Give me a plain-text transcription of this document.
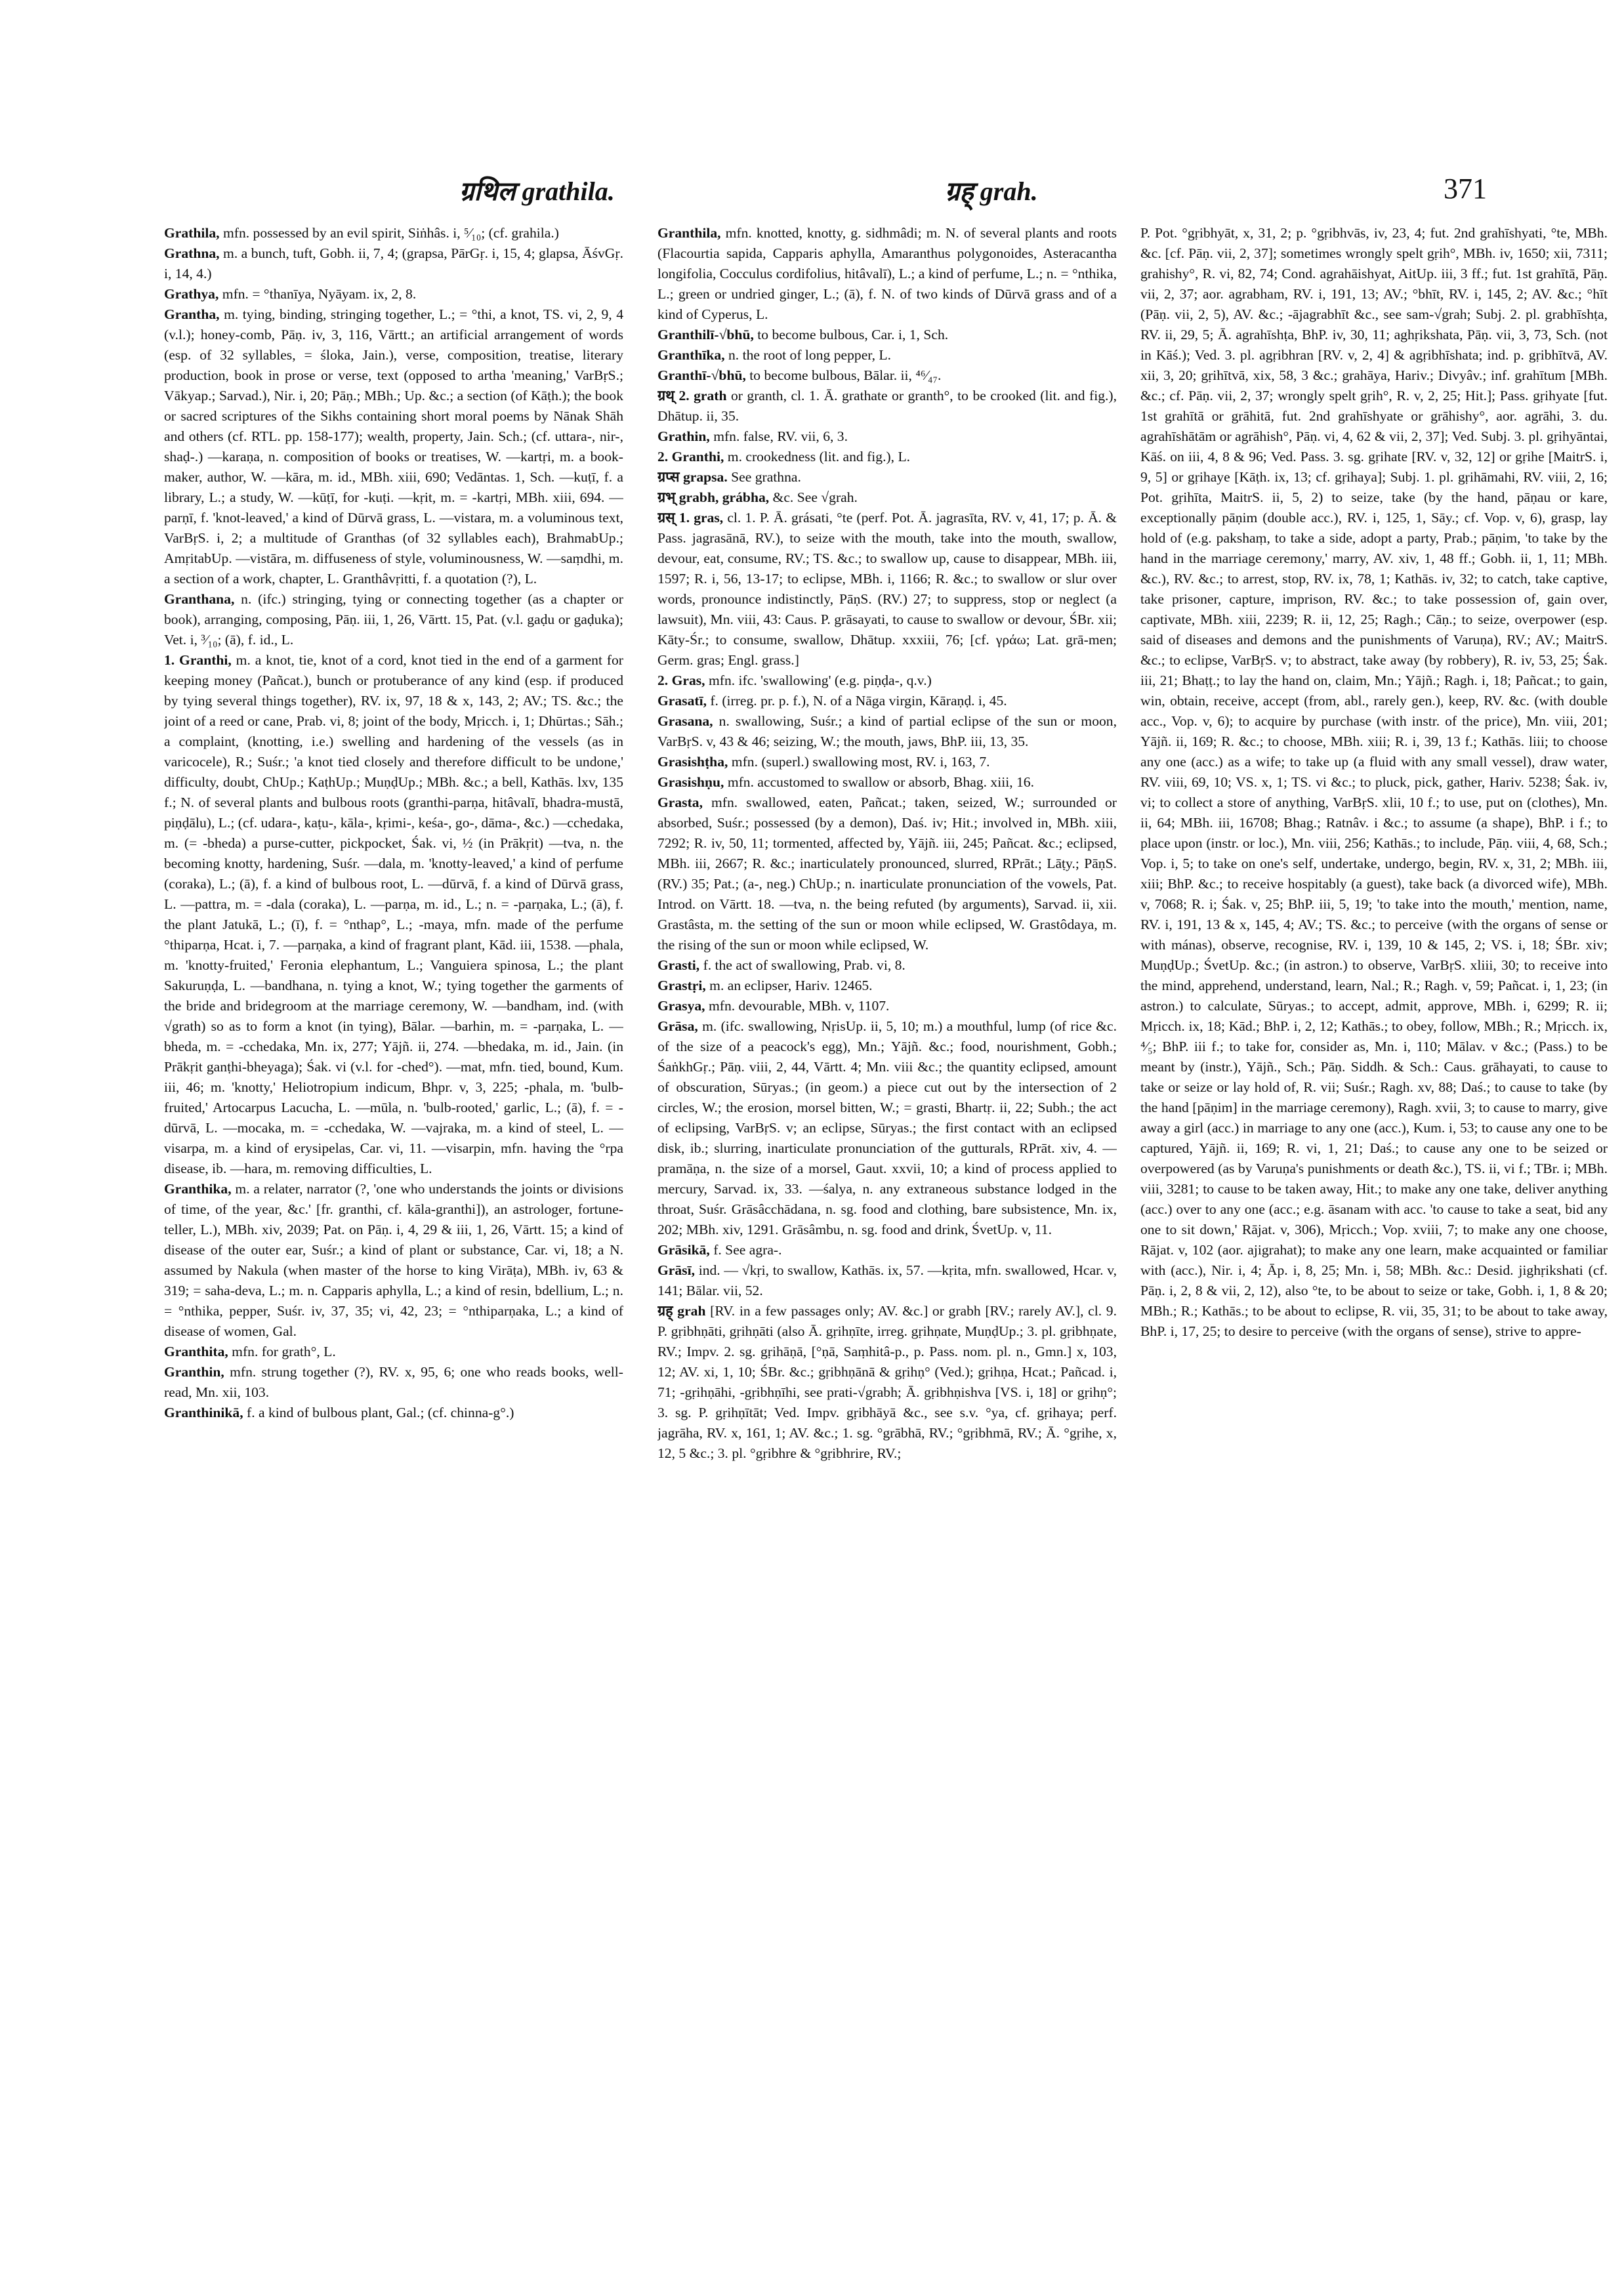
ग्रथिल grathila.	ग्रह् grah.	371

Grathila, mfn. possessed by an evil spirit, Siṅhâs. i, ⁵⁄₁₀; (cf. grahila.)

Grathna, m. a bunch, tuft, Gobh. ii, 7, 4; (grapsa, PārGṛ. i, 15, 4; glapsa, ĀśvGṛ. i, 14, 4.)

Grathya, mfn. = °thanīya, Nyāyam. ix, 2, 8.

Grantha, m. tying, binding, stringing together, L.; = °thi, a knot, TS. vi, 2, 9, 4 (v.l.); honey-comb, Pāṇ. iv, 3, 116, Vārtt.; an artificial arrangement of words (esp. of 32 syllables, = śloka, Jain.), verse, composition, treatise, literary production, book in prose or verse, text (opposed to artha 'meaning,' VarBṛS.; Vākyap.; Sarvad.), Nir. i, 20; Pāṇ.; MBh.; Up. &c.; a section (of Kāṭh.); the book or sacred scriptures of the Sikhs containing short moral poems by Nānak Shāh and others (cf. RTL. pp. 158-177); wealth, property, Jain. Sch.; (cf. uttara-, nir-, shaḍ-.) —karaṇa, n. composition of books or treatises, W. —kartṛi, m. a book-maker, author, W. —kāra, m. id., MBh. xiii, 690; Vedāntas. 1, Sch. —kuṭī, f. a library, L.; a study, W. —kūṭī, for -kuṭi. —kṛit, m. = -kartṛi, MBh. xiii, 694. —parṇī, f. 'knot-leaved,' a kind of Dūrvā grass, L. —vistara, m. a voluminous text, VarBṛS. i, 2; a multitude of Granthas (of 32 syllables each), BrahmabUp.; AmṛitabUp. —vistāra, m. diffuseness of style, voluminousness, W. —saṃdhi, m. a section of a work, chapter, L. Granthâvṛitti, f. a quotation (?), L.

Granthana, n. (ifc.) stringing, tying or connecting together (as a chapter or book), arranging, composing, Pāṇ. iii, 1, 26, Vārtt. 15, Pat. (v.l. gaḍu or gaḍuka); Vet. i, ³⁄₁₀; (ā), f. id., L.

1. Granthi, m. a knot, tie, knot of a cord, knot tied in the end of a garment for keeping money (Pañcat.), bunch or protuberance of any kind (esp. if produced by tying several things together), RV. ix, 97, 18 & x, 143, 2; AV.; TS. &c.; the joint of a reed or cane, Prab. vi, 8; joint of the body, Mṛicch. i, 1; Dhūrtas.; Sāh.; a complaint, (knotting, i.e.) swelling and hardening of the vessels (as in varicocele), R.; Suśr.; 'a knot tied closely and therefore difficult to be undone,' difficulty, doubt, ChUp.; KaṭhUp.; MuṇḍUp.; MBh. &c.; a bell, Kathās. lxv, 135 f.; N. of several plants and bulbous roots (granthi-parṇa, hitâvalī, bhadra-mustā, piṇḍālu), L.; (cf. udara-, kaṭu-, kāla-, kṛimi-, keśa-, go-, dāma-, &c.) —cchedaka, m. (= -bheda) a purse-cutter, pickpocket, Śak. vi, ½ (in Prākṛit) —tva, n. the becoming knotty, hardening, Suśr. —dala, m. 'knotty-leaved,' a kind of perfume (coraka), L.; (ā), f. a kind of bulbous root, L. —dūrvā, f. a kind of Dūrvā grass, L. —pattra, m. = -dala (coraka), L. —parṇa, m. id., L.; n. = -parṇaka, L.; (ā), f. the plant Jatukā, L.; (ī), f. = °nthap°, L.; -maya, mfn. made of the perfume °thiparṇa, Hcat. i, 7. —parṇaka, a kind of fragrant plant, Kād. iii, 1538. —phala, m. 'knotty-fruited,' Feronia elephantum, L.; Vanguiera spinosa, L.; the plant Sakuruṇḍa, L. —bandhana, n. tying a knot, W.; tying together the garments of the bride and bridegroom at the marriage ceremony, W. —bandham, ind. (with √grath) so as to form a knot (in tying), Bālar. —barhin, m. = -parṇaka, L. —bheda, m. = -cchedaka, Mn. ix, 277; Yājñ. ii, 274. —bhedaka, m. id., Jain. (in Prākṛit ganṭhi-bheyaga); Śak. vi (v.l. for -ched°). —mat, mfn. tied, bound, Kum. iii, 46; m. 'knotty,' Heliotropium indicum, Bhpr. v, 3, 225; -phala, m. 'bulb-fruited,' Artocarpus Lacucha, L. —mūla, n. 'bulb-rooted,' garlic, L.; (ā), f. = -dūrvā, L. —mocaka, m. = -cchedaka, W. —vajraka, m. a kind of steel, L. —visarpa, m. a kind of erysipelas, Car. vi, 11. —visarpin, mfn. having the °rpa disease, ib. —hara, m. removing difficulties, L.

Granthika, m. a relater, narrator (?, 'one who understands the joints or divisions of time, of the year, &c.' [fr. granthi, cf. kāla-granthi]), an astrologer, fortune-teller, L.), MBh. xiv, 2039; Pat. on Pāṇ. i, 4, 29 & iii, 1, 26, Vārtt. 15; a kind of disease of the outer ear, Suśr.; a kind of plant or substance, Car. vi, 18; a N. assumed by Nakula (when master of the horse to king Virāṭa), MBh. iv, 63 & 319; = saha-deva, L.; m. n. Capparis aphylla, L.; a kind of resin, bdellium, L.; n. = °nthika, pepper, Suśr. iv, 37, 35; vi, 42, 23; = °nthiparṇaka, L.; a kind of disease of women, Gal.

Granthita, mfn. for grath°, L.

Granthin, mfn. strung together (?), RV. x, 95, 6; one who reads books, well-read, Mn. xii, 103.

Granthinikā, f. a kind of bulbous plant, Gal.; (cf. chinna-g°.)

Granthila, mfn. knotted, knotty, g. sidhmâdi; m. N. of several plants and roots (Flacourtia sapida, Capparis aphylla, Amaranthus polygonoides, Asteracantha longifolia, Cocculus cordifolius, hitâvalī), L.; a kind of perfume, L.; n. = °nthika, L.; green or undried ginger, L.; (ā), f. N. of two kinds of Dūrvā grass and of a kind of Cyperus, L.

Granthilī-√bhū, to become bulbous, Car. i, 1, Sch.

Granthīka, n. the root of long pepper, L.

Granthī-√bhū, to become bulbous, Bālar. ii, ⁴⁶⁄₄₇.

ग्रथ् 2. grath or granth, cl. 1. Ā. grathate or granth°, to be crooked (lit. and fig.), Dhātup. ii, 35.

Grathin, mfn. false, RV. vii, 6, 3.

2. Granthi, m. crookedness (lit. and fig.), L.

ग्रप्स grapsa. See grathna.

ग्रभ् grabh, grábha, &c. See √grah.

ग्रस् 1. gras, cl. 1. P. Ā. grásati, °te (perf. Pot. Ā. jagrasīta, RV. v, 41, 17; p. Ā. & Pass. jagrasānā, RV.), to seize with the mouth, take into the mouth, swallow, devour, eat, consume, RV.; TS. &c.; to swallow up, cause to disappear, MBh. iii, 1597; R. i, 56, 13-17; to eclipse, MBh. i, 1166; R. &c.; to swallow or slur over words, pronounce indistinctly, PāṇS. (RV.) 27; to suppress, stop or neglect (a lawsuit), Mn. viii, 43: Caus. P. grāsayati, to cause to swallow or devour, ŚBr. xii; Kāty-Śr.; to consume, swallow, Dhātup. xxxiii, 76; [cf. γράω; Lat. grā-men; Germ. gras; Engl. grass.]

2. Gras, mfn. ifc. 'swallowing' (e.g. piṇḍa-, q.v.)

Grasatī, f. (irreg. pr. p. f.), N. of a Nāga virgin, Kāraṇḍ. i, 45.

Grasana, n. swallowing, Suśr.; a kind of partial eclipse of the sun or moon, VarBṛS. v, 43 & 46; seizing, W.; the mouth, jaws, BhP. iii, 13, 35.

Grasishṭha, mfn. (superl.) swallowing most, RV. i, 163, 7.

Grasishṇu, mfn. accustomed to swallow or absorb, Bhag. xiii, 16.

Grasta, mfn. swallowed, eaten, Pañcat.; taken, seized, W.; surrounded or absorbed, Suśr.; possessed (by a demon), Daś. iv; Hit.; involved in, MBh. xiii, 7292; R. iv, 50, 11; tormented, affected by, Yājñ. iii, 245; Pañcat. &c.; eclipsed, MBh. iii, 2667; R. &c.; inarticulately pronounced, slurred, RPrāt.; Lāṭy.; PāṇS. (RV.) 35; Pat.; (a-, neg.) ChUp.; n. inarticulate pronunciation of the vowels, Pat. Introd. on Vārtt. 18. —tva, n. the being refuted (by arguments), Sarvad. ii, xii. Grastâsta, m. the setting of the sun or moon while eclipsed, W. Grastôdaya, m. the rising of the sun or moon while eclipsed, W.

Grasti, f. the act of swallowing, Prab. vi, 8.

Grastṛi, m. an eclipser, Hariv. 12465.

Grasya, mfn. devourable, MBh. v, 1107.

Grāsa, m. (ifc. swallowing, NṛisUp. ii, 5, 10; m.) a mouthful, lump (of rice &c. of the size of a peacock's egg), Mn.; Yājñ. &c.; food, nourishment, Gobh.; ŚaṅkhGṛ.; Pāṇ. viii, 2, 44, Vārtt. 4; Mn. viii &c.; the quantity eclipsed, amount of obscuration, Sūryas.; (in geom.) a piece cut out by the intersection of 2 circles, W.; the erosion, morsel bitten, W.; = grasti, Bhartṛ. ii, 22; Subh.; the act of eclipsing, VarBṛS. v; an eclipse, Sūryas.; the first contact with an eclipsed disk, ib.; slurring, inarticulate pronunciation of the gutturals, RPrāt. xiv, 4. —pramāṇa, n. the size of a morsel, Gaut. xxvii, 10; a kind of process applied to mercury, Sarvad. ix, 33. —śalya, n. any extraneous substance lodged in the throat, Suśr. Grāsâcchādana, n. sg. food and clothing, bare subsistence, Mn. ix, 202; MBh. xiv, 1291. Grāsâmbu, n. sg. food and drink, ŚvetUp. v, 11.

Grāsikā, f. See agra-.

Grāsī, ind. — √kṛi, to swallow, Kathās. ix, 57. —kṛita, mfn. swallowed, Hcar. v, 141; Bālar. vii, 52.

ग्रह् grah [RV. in a few passages only; AV. &c.] or grabh [RV.; rarely AV.], cl. 9. P. gṛibhṇāti, gṛihṇāti (also Ā. gṛihṇīte, irreg. gṛihṇate, MuṇḍUp.; 3. pl. gṛibhṇate, RV.; Impv. 2. sg. gṛihāṇā, [°ṇā, Saṃhitâ-p., p. Pass. nom. pl. n., Gmn.] x, 103, 12; AV. xi, 1, 10; ŚBr. &c.; gṛibhṇānā & gṛihṇ° (Ved.); gṛihṇa, Hcat.; Pañcad. i, 71; -gṛihṇāhi, -gṛibhṇīhi, see prati-√grabh; Ā. gṛibhṇishva [VS. i, 18] or gṛihṇ°; 3. sg. P. gṛihṇītāt; Ved. Impv. gṛibhāyā &c., see s.v. °ya, cf. gṛihaya; perf. jagrāha, RV. x, 161, 1; AV. &c.; 1. sg. °grābhā, RV.; °gṛibhmā, RV.; Ā. °gṛihe, x, 12, 5 &c.; 3. pl. °gṛibhre & °gṛibhrire, RV.;

P. Pot. °gṛibhyāt, x, 31, 2; p. °gṛibhvās, iv, 23, 4; fut. 2nd grahīshyati, °te, MBh. &c. [cf. Pāṇ. vii, 2, 37]; sometimes wrongly spelt gṛih°, MBh. iv, 1650; xii, 7311; grahishy°, R. vi, 82, 74; Cond. agrahāishyat, AitUp. iii, 3 ff.; fut. 1st grahītā, Pāṇ. vii, 2, 37; aor. agrabham, RV. i, 191, 13; AV.; °bhīt, RV. i, 145, 2; AV. &c.; °hīt (Pāṇ. vii, 2, 5), AV. &c.; -ājagrabhīt &c., see sam-√grah; Subj. 2. pl. grabhīshṭa, RV. ii, 29, 5; Ā. agrahīshṭa, BhP. iv, 30, 11; aghṛikshata, Pāṇ. vii, 3, 73, Sch. (not in Kāś.); Ved. 3. pl. agṛibhran [RV. v, 2, 4] & agṛibhīshata; ind. p. gṛibhītvā, AV. xii, 3, 20; gṛihītvā, xix, 58, 3 &c.; grahāya, Hariv.; Divyâv.; inf. grahītum [MBh. &c.; cf. Pāṇ. vii, 2, 37; wrongly spelt gṛih°, R. v, 2, 25; Hit.]; Pass. gṛihyate [fut. 1st grahītā or grāhitā, fut. 2nd grahīshyate or grāhishy°, aor. agrāhi, 3. du. agrahīshātām or agrāhish°, Pāṇ. vi, 4, 62 & vii, 2, 37]; Ved. Subj. 3. pl. gṛihyāntai, Kāś. on iii, 4, 8 & 96; Ved. Pass. 3. sg. gṛihate [RV. v, 32, 12] or gṛihe [MaitrS. i, 9, 5] or gṛihaye [Kāṭh. ix, 13; cf. gṛihaya]; Subj. 1. pl. gṛihāmahi, RV. viii, 2, 16; Pot. gṛihīta, MaitrS. ii, 5, 2) to seize, take (by the hand, pāṇau or kare, exceptionally pāṇim (double acc.), RV. i, 125, 1, Sāy.; cf. Vop. v, 6), grasp, lay hold of (e.g. pakshaṃ, to take a side, adopt a party, Prab.; pāṇim, 'to take by the hand in the marriage ceremony,' marry, AV. xiv, 1, 48 ff.; Gobh. ii, 1, 11; MBh. &c.), RV. &c.; to arrest, stop, RV. ix, 78, 1; Kathās. iv, 32; to catch, take captive, take prisoner, capture, imprison, RV. &c.; to take possession of, gain over, captivate, MBh. xiii, 2239; R. ii, 12, 25; Ragh.; Cāṇ.; to seize, overpower (esp. said of diseases and demons and the punishments of Varuṇa), RV.; AV.; MaitrS. &c.; to eclipse, VarBṛS. v; to abstract, take away (by robbery), R. iv, 53, 25; Śak. iii, 21; Bhaṭṭ.; to lay the hand on, claim, Mn.; Yājñ.; Ragh. i, 18; Pañcat.; to gain, win, obtain, receive, accept (from, abl., rarely gen.), keep, RV. &c. (with double acc., Vop. v, 6); to acquire by purchase (with instr. of the price), Mn. viii, 201; Yājñ. ii, 169; R. &c.; to choose, MBh. xiii; R. i, 39, 13 f.; Kathās. liii; to choose any one (acc.) as a wife; to take up (a fluid with any small vessel), draw water, RV. viii, 69, 10; VS. x, 1; TS. vi &c.; to pluck, pick, gather, Hariv. 5238; Śak. iv, vi; to collect a store of anything, VarBṛS. xlii, 10 f.; to use, put on (clothes), Mn. ii, 64; MBh. iii, 16708; Bhag.; Ratnâv. i &c.; to assume (a shape), BhP. i f.; to place upon (instr. or loc.), Mn. viii, 256; Kathās.; to include, Pāṇ. viii, 4, 68, Sch.; Vop. i, 5; to take on one's self, undertake, undergo, begin, RV. x, 31, 2; MBh. iii, xiii; BhP. &c.; to receive hospitably (a guest), take back (a divorced wife), MBh. v, 7068; R. i; Śak. v, 25; BhP. iii, 5, 19; 'to take into the mouth,' mention, name, RV. i, 191, 13 & x, 145, 4; AV.; TS. &c.; to perceive (with the organs of sense or with mánas), observe, recognise, RV. i, 139, 10 & 145, 2; VS. i, 18; ŚBr. xiv; MuṇḍUp.; ŚvetUp. &c.; (in astron.) to observe, VarBṛS. xliii, 30; to receive into the mind, apprehend, understand, learn, Nal.; R.; Ragh. v, 59; Pañcat. i, 1, 23; (in astron.) to calculate, Sūryas.; to accept, admit, approve, MBh. i, 6299; R. ii; Mṛicch. ix, 18; Kād.; BhP. i, 2, 12; Kathās.; to obey, follow, MBh.; R.; Mṛicch. ix, ⁴⁄₅; BhP. iii f.; to take for, consider as, Mn. i, 110; Mālav. v &c.; (Pass.) to be meant by (instr.), Yājñ., Sch.; Pāṇ. Siddh. & Sch.: Caus. grāhayati, to cause to take or seize or lay hold of, R. vii; Suśr.; Ragh. xv, 88; Daś.; to cause to take (by the hand [pāṇim] in the marriage ceremony), Ragh. xvii, 3; to cause to marry, give away a girl (acc.) in marriage to any one (acc.), Kum. i, 53; to cause any one to be captured, Yājñ. ii, 169; R. vi, 1, 21; Daś.; to cause any one to be seized or overpowered (as by Varuṇa's punishments or death &c.), TS. ii, vi f.; TBr. i; MBh. viii, 3281; to cause to be taken away, Hit.; to make any one take, deliver anything (acc.) over to any one (acc.; e.g. āsanam with acc. 'to cause to take a seat, bid any one to sit down,' Rājat. v, 306), Mṛicch.; Vop. xviii, 7; to make any one choose, Rājat. v, 102 (aor. ajigrahat); to make any one learn, make acquainted or familiar with (acc.), Nir. i, 4; Āp. i, 8, 25; Mn. i, 58; MBh. &c.: Desid. jighṛikshati (cf. Pāṇ. i, 2, 8 & vii, 2, 12), also °te, to be about to seize or take, Gobh. i, 1, 8 & 20; MBh.; R.; Kathās.; to be about to eclipse, R. vii, 35, 31; to be about to take away, BhP. i, 17, 25; to desire to perceive (with the organs of sense), strive to appre-
